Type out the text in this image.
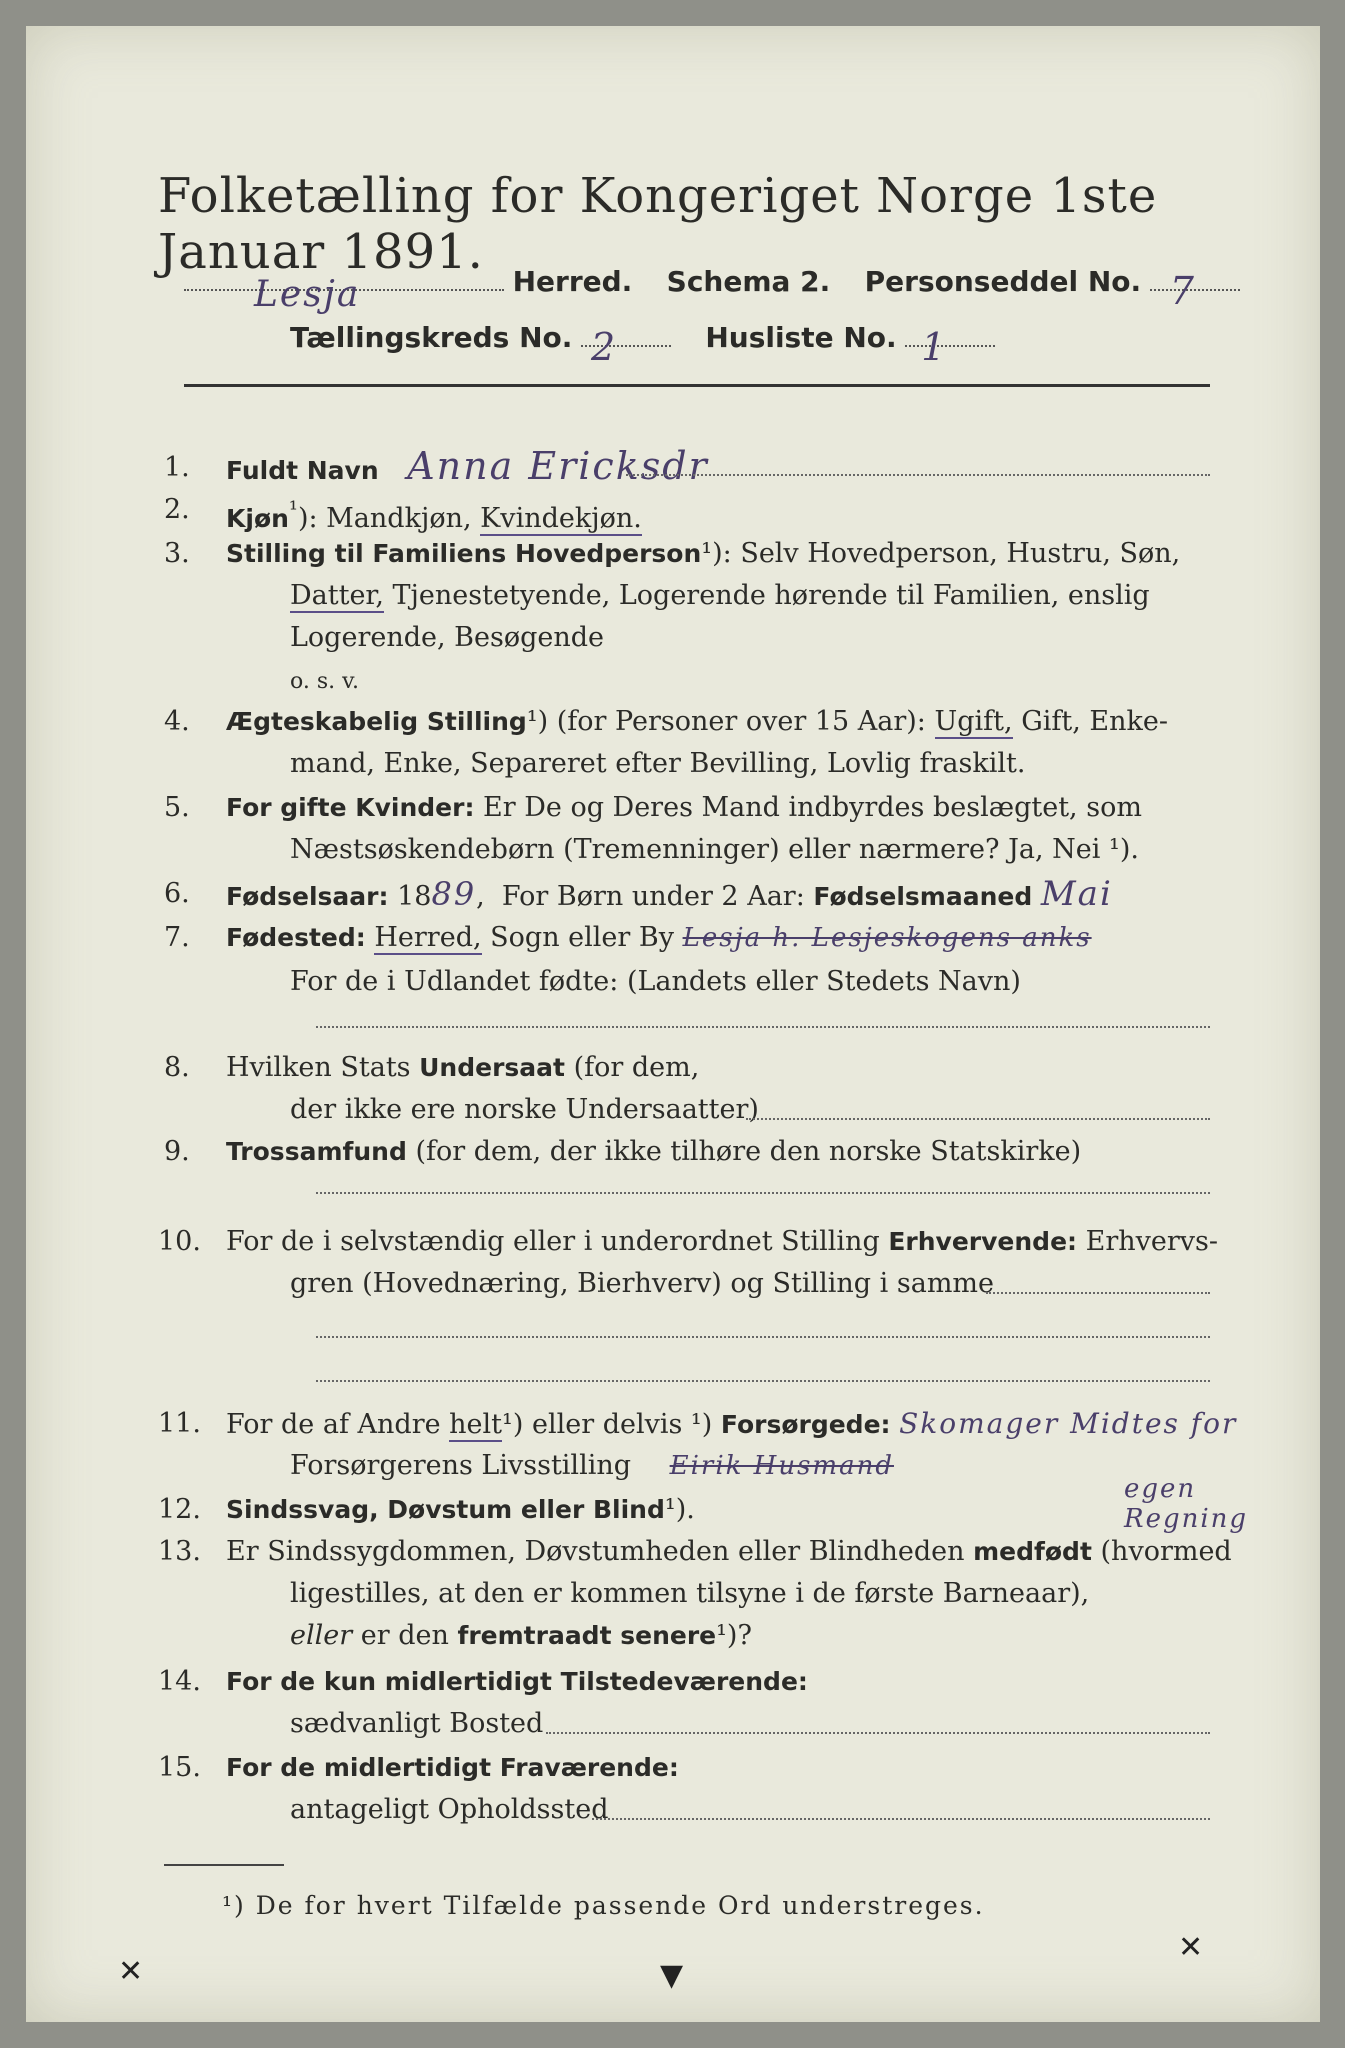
Folketælling for Kongeriget Norge 1ste Januar 1891.
Lesja	Herred. Schema 2. Personseddel No. 7
Tællingskreds No. 2	Husliste No. 1
1. Fuldt Navn Anna Ericksdr
2. Kjøn$^{^1}$): Mandkjøn, Kvindekjøn.
3. Stilling til Familiens Hovedperson¹): Selv Hovedperson, Hustru, Søn,
Datter, Tjenestetyende, Logerende hørende til Familien, enslig
Logerende, Besøgende
o. s. v.
4. Ægteskabelig Stilling¹) (for Personer over 15 Aar): Ugift, Gift, Enke-
mand, Enke, Separeret efter Bevilling, Lovlig fraskilt.
5. For gifte Kvinder: Er De og Deres Mand indbyrdes beslægtet, som
Næstsøskendebørn (Tremenninger) eller nærmere? Ja, Nei ¹).
6. Fødselsaar: 1889,  For Børn under 2 Aar: Fødselsmaaned Mai
7. Fødested: Herred, Sogn eller By Lesja h. Lesjeskogens anks
For de i Udlandet fødte: (Landets eller Stedets Navn)
8. Hvilken Stats Undersaat (for dem,
der ikke ere norske Undersaatter)
9. Trossamfund (for dem, der ikke tilhøre den norske Statskirke)
10. For de i selvstændig eller i underordnet Stilling Erhvervende: Erhvervs-
gren (Hovednæring, Bierhverv) og Stilling i samme
11. For de af Andre helt¹) eller delvis ¹) Forsørgede: Skomager Midtes for
Forsørgerens Livsstilling Eirik Husmand
egen Regning
12. Sindssvag, Døvstum eller Blind¹).
13. Er Sindssygdommen, Døvstumheden eller Blindheden medfødt (hvormed
ligestilles, at den er kommen tilsyne i de første Barneaar),
eller er den fremtraadt senere¹)?
14. For de kun midlertidigt Tilstedeværende:
sædvanligt Bosted
15. For de midlertidigt Fraværende:
antageligt Opholdssted
¹) De for hvert Tilfælde passende Ord understreges.
✕	▼
✕
